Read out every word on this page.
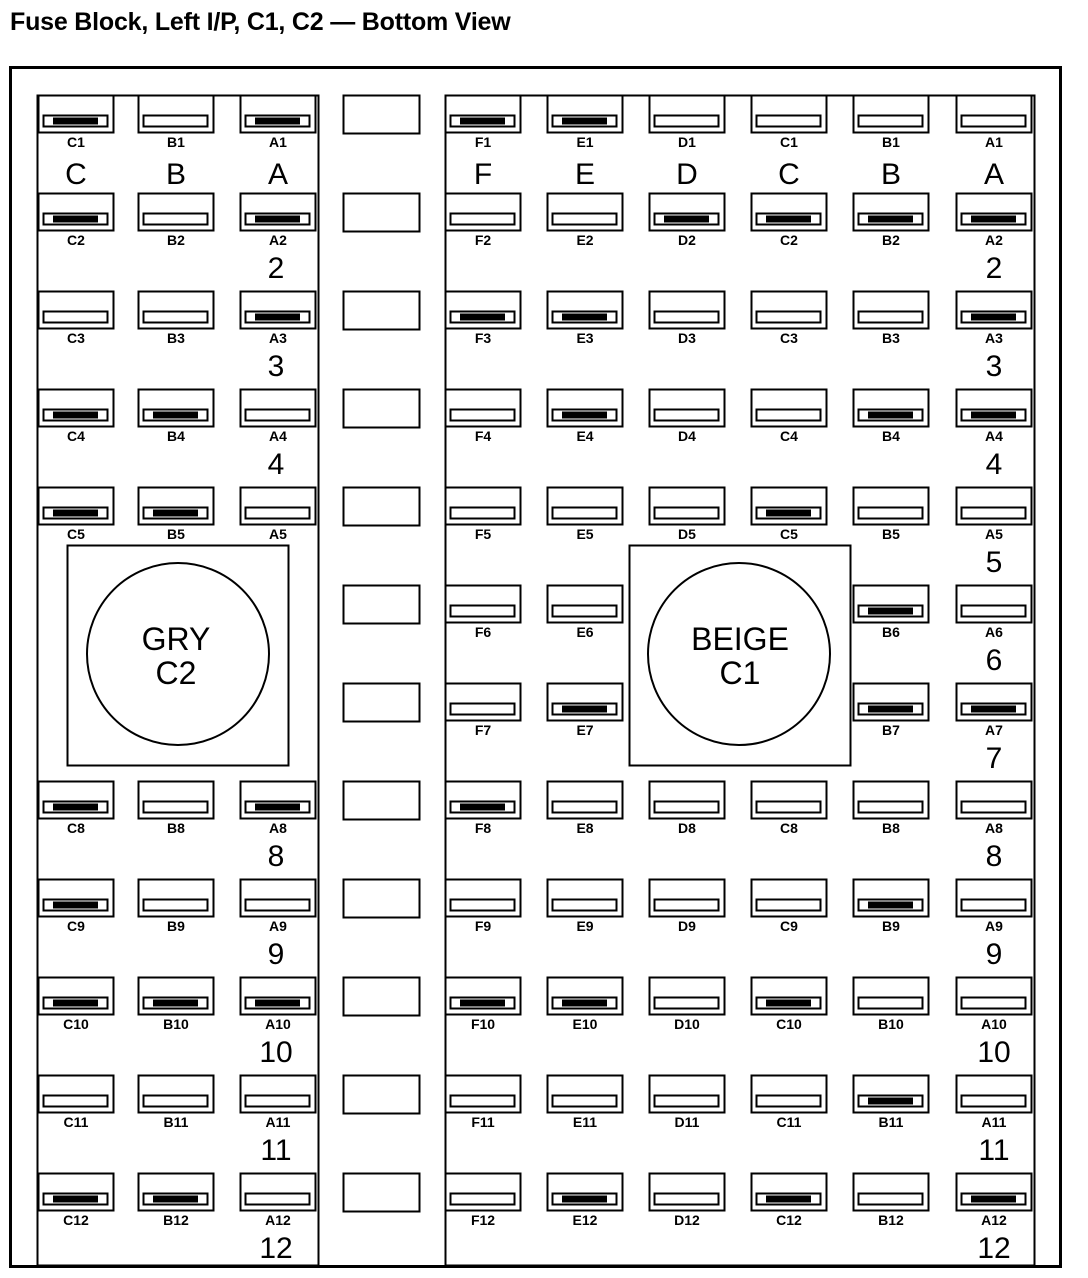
Fuse Block, Left I/P, C1, C2 — Bottom View
C1	B1	A1
C2	B2	A2
C3	B3	A3
C4	B4	A4
C5	B5	A5
C8	B8	A8
C9	B9	A9
C10	B10	A10
C11	B11	A11
C12	B12	A12
F1	E1	D1	C1	B1	A1
F2	E2	D2	C2	B2	A2
F3	E3	D3	C3	B3	A3
F4	E4	D4	C4	B4	A4
F5	E5	D5	C5	B5	A5
F6	E6	B6	A6
F7	E7	B7	A7
F8	E8	D8	C8	B8	A8
F9	E9	D9	C9	B9	A9
F10	E10	D10	C10	B10	A10
F11	E11	D11	C11	B11	A11
F12	E12	D12	C12	B12	A12
C	B	A
2
3
4
8
9
10
11
12
F	E	D	C	B	A
2
3
4
5
6
7
8
9
10
11
12
GRY
C2
BEIGE
C1
